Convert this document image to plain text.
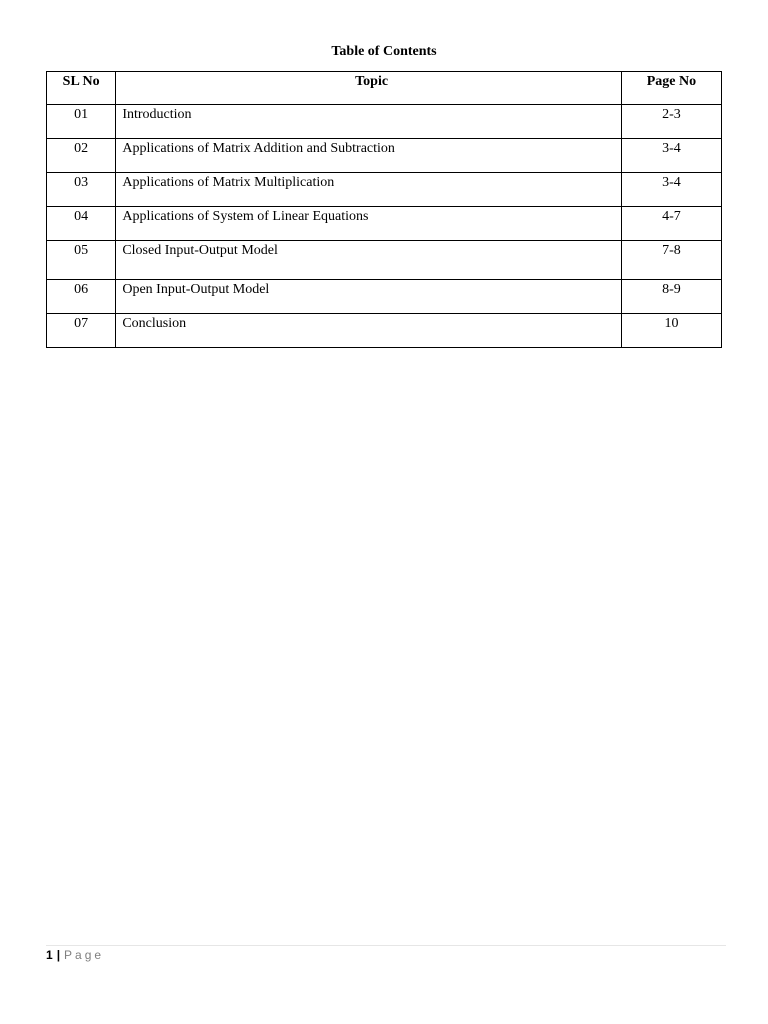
Table of Contents
SL No	Topic	Page No
01	Introduction	2-3
02	Applications of Matrix Addition and Subtraction	3-4
03	Applications of Matrix Multiplication	3-4
04	Applications of System of Linear Equations	4-7
05	Closed Input-Output Model	7-8
06	Open Input-Output Model	8-9
07	Conclusion	10
1 | Page
